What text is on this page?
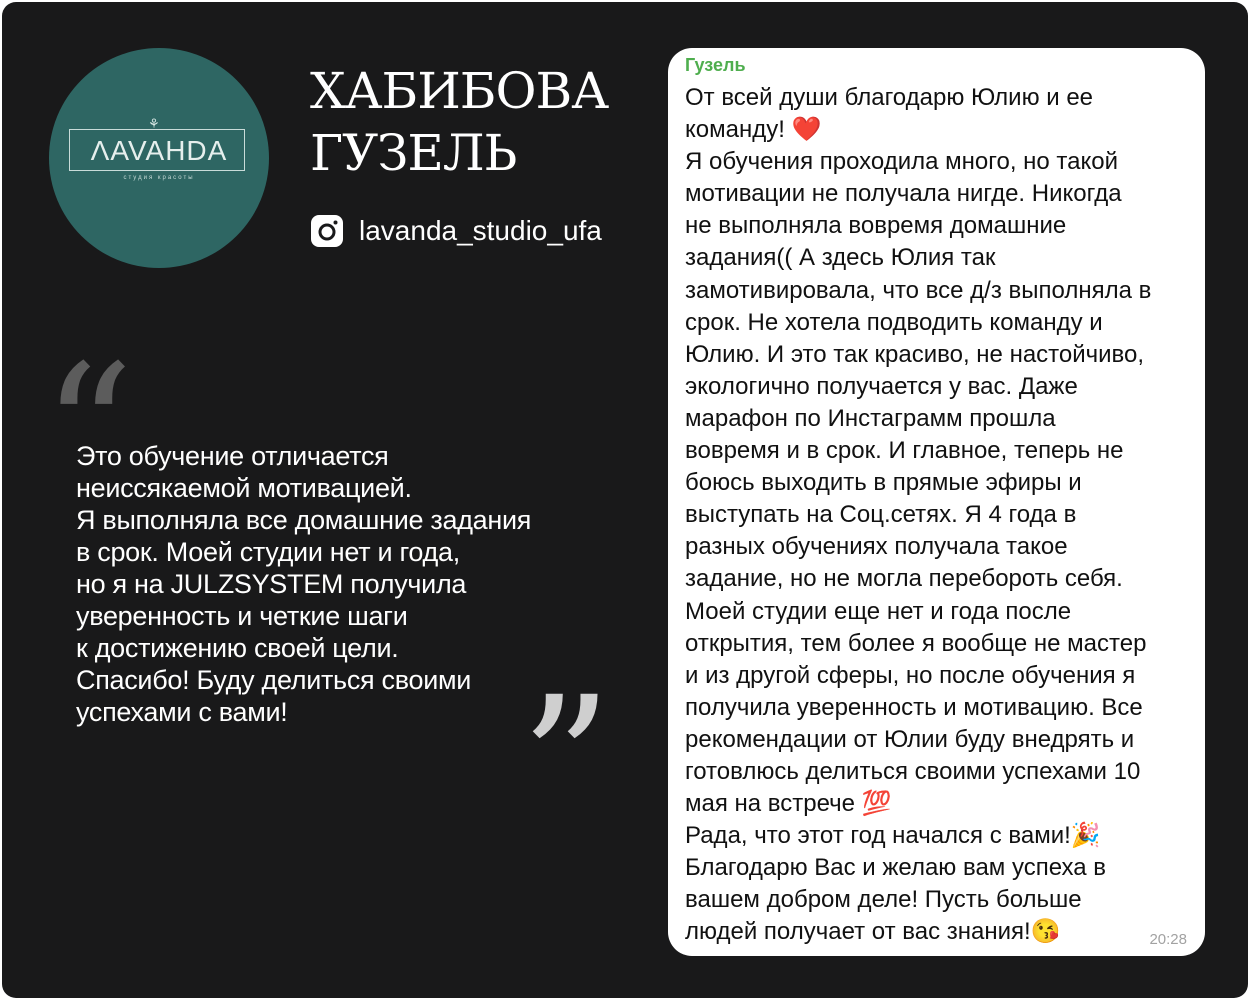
⚘
ΛAVAHDA
студия красоты
ХАБИБОВА
ГУЗЕЛЬ
lavanda_studio_ufa
“
Это обучение отличается
неиссякаемой мотивацией.
Я выполняла все домашние задания
в срок. Моей студии нет и года,
но я на JULZSYSTEM получила
уверенность и четкие шаги
к достижению своей цели.
Спасибо! Буду делиться своими
успехами с вами!	”
Гузель
От всей души благодарю Юлию и ее
команду! ❤️
Я обучения проходила много, но такой
мотивации не получала нигде. Никогда
не выполняла вовремя домашние
задания(( А здесь Юлия так
замотивировала, что все д/з выполняла в
срок. Не хотела подводить команду и
Юлию. И это так красиво, не настойчиво,
экологично получается у вас. Даже
марафон по Инстаграмм прошла
вовремя и в срок. И главное, теперь не
боюсь выходить в прямые эфиры и
выступать на Соц.сетях. Я 4 года в
разных обучениях получала такое
задание, но не могла перебороть себя.
Моей студии еще нет и года после
открытия, тем более я вообще не мастер
и из другой сферы, но после обучения я
получила уверенность и мотивацию. Все
рекомендации от Юлии буду внедрять и
готовлюсь делиться своими успехами 10
мая на встрече 💯
Рада, что этот год начался с вами!🎉
Благодарю Вас и желаю вам успеха в
вашем добром деле! Пусть больше
людей получает от вас знания!😘	20:28
